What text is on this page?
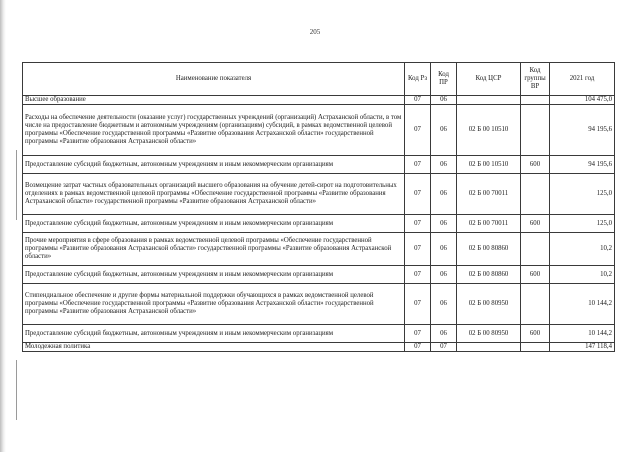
205
Наименование показателя	Код Рз	Код ПР	Код ЦСР	Код группы ВР	2021 год
Высшее образование	07	06			104 475,0
Расходы на обеспечение деятельности (оказание услуг) государственных учреждений (организаций) Астраханской области, в том числе на предоставление бюджетным и автономным учреждениям (организациям) субсидий, в рамках ведомственной целевой программы «Обеспечение государственной программы «Развитие образования Астраханской области» государственной программы «Развитие образования Астраханской области»	07	06	02 Б 00 10510		94 195,6
Предоставление субсидий бюджетным, автономным учреждениям и иным некоммерческим организациям	07	06	02 Б 00 10510	600	94 195,6
Возмещение затрат частных образовательных организаций высшего образования на обучение детей-сирот на подготовительных отделениях в рамках ведомственной целевой программы «Обеспечение государственной программы «Развитие образования Астраханской области» государственной программы «Развитие образования Астраханской области»	07	06	02 Б 00 70011		125,0
Предоставление субсидий бюджетным, автономным учреждениям и иным некоммерческим организациям	07	06	02 Б 00 70011	600	125,0
Прочие мероприятия в сфере образования в рамках ведомственной целевой программы «Обеспечение государственной программы «Развитие образования Астраханской области» государственной программы «Развитие образования Астраханской области»	07	06	02 Б 00 80860		10,2
Предоставление субсидий бюджетным, автономным учреждениям и иным некоммерческим организациям	07	06	02 Б 00 80860	600	10,2
Стипендиальное обеспечение и другие формы материальной поддержки обучающихся в рамках ведомственной целевой программы «Обеспечение государственной программы «Развитие образования Астраханской области» государственной программы «Развитие образования Астраханской области»	07	06	02 Б 00 80950		10 144,2
Предоставление субсидий бюджетным, автономным учреждениям и иным некоммерческим организациям	07	06	02 Б 00 80950	600	10 144,2
Молодежная политика	07	07			147 118,4
